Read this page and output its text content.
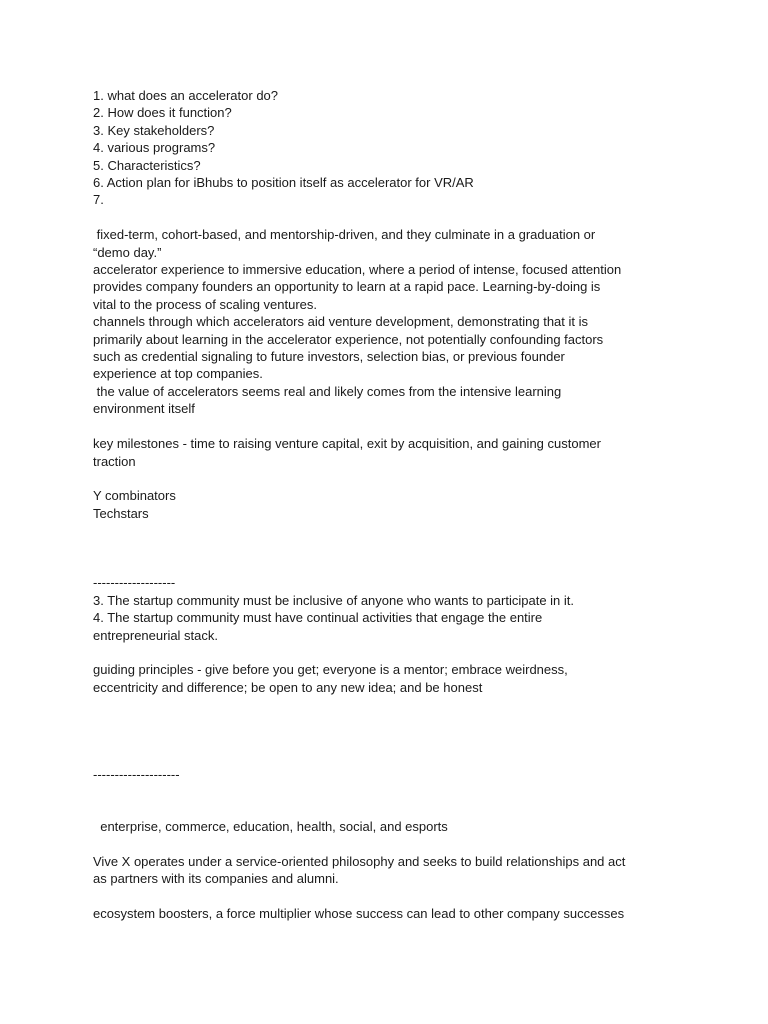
1. what does an accelerator do?
2. How does it function?
3. Key stakeholders?
4. various programs?
5. Characteristics?
6. Action plan for iBhubs to position itself as accelerator for VR/AR
7.
fixed-term, cohort-based, and mentorship-driven, and they culminate in a graduation or
“demo day.”
accelerator experience to immersive education, where a period of intense, focused attention
provides company founders an opportunity to learn at a rapid pace. Learning-by-doing is
vital to the process of scaling ventures.
channels through which accelerators aid venture development, demonstrating that it is
primarily about learning in the accelerator experience, not potentially confounding factors
such as credential signaling to future investors, selection bias, or previous founder
experience at top companies.
the value of accelerators seems real and likely comes from the intensive learning
environment itself
key milestones - time to raising venture capital, exit by acquisition, and gaining customer
traction
Y combinators
Techstars
-------------------
3. The startup community must be inclusive of anyone who wants to participate in it.
4. The startup community must have continual activities that engage the entire
entrepreneurial stack.
guiding principles - give before you get; everyone is a mentor; embrace weirdness,
eccentricity and difference; be open to any new idea; and be honest
--------------------
enterprise, commerce, education, health, social, and esports
Vive X operates under a service-oriented philosophy and seeks to build relationships and act
as partners with its companies and alumni.
ecosystem boosters, a force multiplier whose success can lead to other company successes
